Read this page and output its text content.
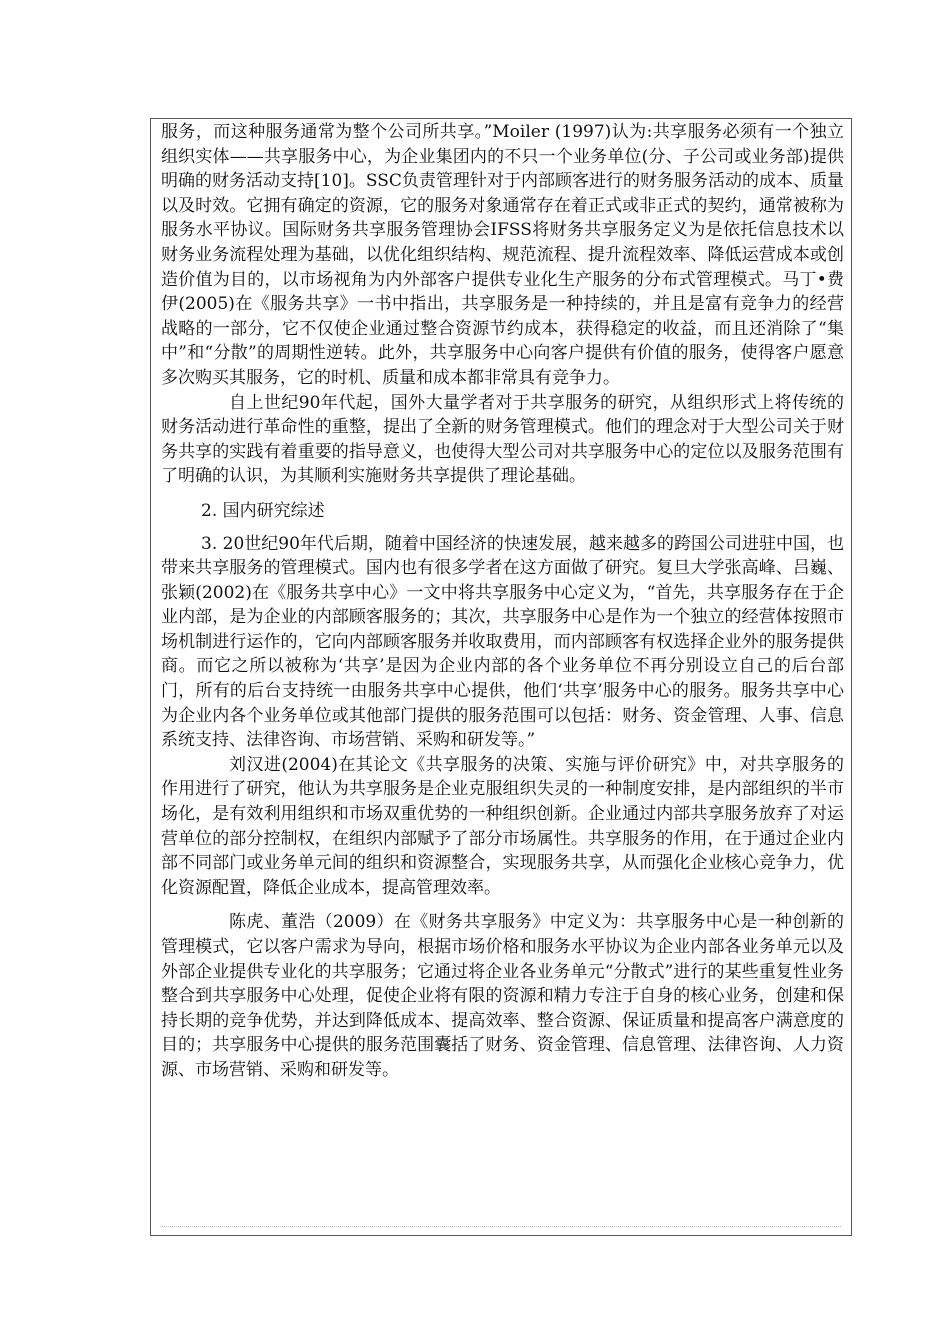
服务，而这种服务通常为整个公司所共享。”Moiler (1997)认为:共享服务必须有一个独立组织实体——共享服务中心，为企业集团内的不只一个业务单位(分、子公司或业务部)提供明确的财务活动支持[10]。SSC负责管理针对于内部顾客进行的财务服务活动的成本、质量以及时效。它拥有确定的资源，它的服务对象通常存在着正式或非正式的契约，通常被称为服务水平协议。国际财务共享服务管理协会IFSS将财务共享服务定义为是依托信息技术以财务业务流程处理为基础，以优化组织结构、规范流程、提升流程效率、降低运营成本或创造价值为目的，以市场视角为内外部客户提供专业化生产服务的分布式管理模式。马丁•费伊(2005)在《服务共享》一书中指出，共享服务是一种持续的，并且是富有竞争力的经营战略的一部分，它不仅使企业通过整合资源节约成本，获得稳定的收益，而且还消除了“集中”和“分散”的周期性逆转。此外，共享服务中心向客户提供有价值的服务，使得客户愿意多次购买其服务，它的时机、质量和成本都非常具有竞争力。

自上世纪90年代起，国外大量学者对于共享服务的研究，从组织形式上将传统的财务活动进行革命性的重整，提出了全新的财务管理模式。他们的理念对于大型公司关于财务共享的实践有着重要的指导意义，也使得大型公司对共享服务中心的定位以及服务范围有了明确的认识，为其顺利实施财务共享提供了理论基础。

2. 国内研究综述

3. 20世纪90年代后期，随着中国经济的快速发展，越来越多的跨国公司进驻中国，也带来共享服务的管理模式。国内也有很多学者在这方面做了研究。复旦大学张高峰、吕巍、张颖(2002)在《服务共享中心》一文中将共享服务中心定义为，“首先，共享服务存在于企业内部，是为企业的内部顾客服务的；其次，共享服务中心是作为一个独立的经营体按照市场机制进行运作的，它向内部顾客服务并收取费用，而内部顾客有权选择企业外的服务提供商。而它之所以被称为‘共享’是因为企业内部的各个业务单位不再分别设立自己的后台部门，所有的后台支持统一由服务共享中心提供，他们‘共享’服务中心的服务。服务共享中心为企业内各个业务单位或其他部门提供的服务范围可以包括：财务、资金管理、人事、信息系统支持、法律咨询、市场营销、采购和研发等。”

刘汉进(2004)在其论文《共享服务的决策、实施与评价研究》中，对共享服务的作用进行了研究，他认为共享服务是企业克服组织失灵的一种制度安排，是内部组织的半市场化，是有效利用组织和市场双重优势的一种组织创新。企业通过内部共享服务放弃了对运营单位的部分控制权，在组织内部赋予了部分市场属性。共享服务的作用，在于通过企业内部不同部门或业务单元间的组织和资源整合，实现服务共享，从而强化企业核心竞争力，优化资源配置，降低企业成本，提高管理效率。

陈虎、董浩（2009）在《财务共享服务》中定义为：共享服务中心是一种创新的管理模式，它以客户需求为导向，根据市场价格和服务水平协议为企业内部各业务单元以及外部企业提供专业化的共享服务；它通过将企业各业务单元“分散式”进行的某些重复性业务整合到共享服务中心处理，促使企业将有限的资源和精力专注于自身的核心业务，创建和保持长期的竞争优势，并达到降低成本、提高效率、整合资源、保证质量和提高客户满意度的目的；共享服务中心提供的服务范围囊括了财务、资金管理、信息管理、法律咨询、人力资源、市场营销、采购和研发等。
